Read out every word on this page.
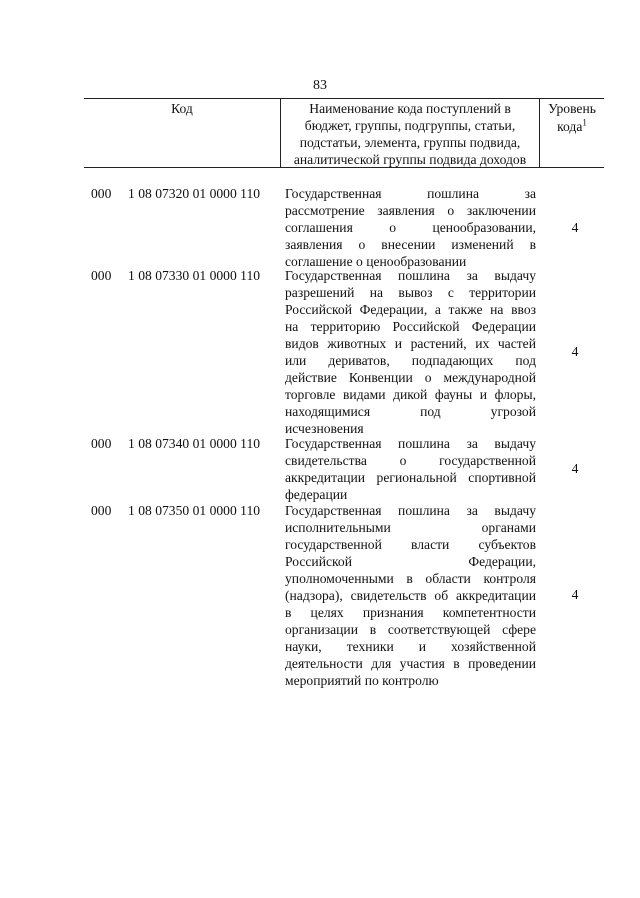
83
Код	Наименование кода поступлений в
бюджет, группы, подгруппы, статьи,
подстатьи, элемента, группы подвида,
аналитической группы подвида доходов
Уровень
кода$^1$
000 1 08 07320 01 0000 110 Государственная пошлина за
рассмотрение заявления о заключении
соглашения о ценообразовании,
заявления о внесении изменений в
соглашение о ценообразовании
4
000 1 08 07330 01 0000 110 Государственная пошлина за выдачу
разрешений на вывоз с территории
Российской Федерации, а также на ввоз
на территорию Российской Федерации
видов животных и растений, их частей
или дериватов, подпадающих под
действие Конвенции о международной
торговле видами дикой фауны и флоры,
находящимися под угрозой
исчезновения
4
000 1 08 07340 01 0000 110 Государственная пошлина за выдачу
свидетельства о государственной
аккредитации региональной спортивной
федерации
4
000 1 08 07350 01 0000 110 Государственная пошлина за выдачу
исполнительными органами
государственной власти субъектов
Российской Федерации,
уполномоченными в области контроля
(надзора), свидетельств об аккредитации
в целях признания компетентности
организации в соответствующей сфере
науки, техники и хозяйственной
деятельности для участия в проведении
мероприятий по контролю
4
